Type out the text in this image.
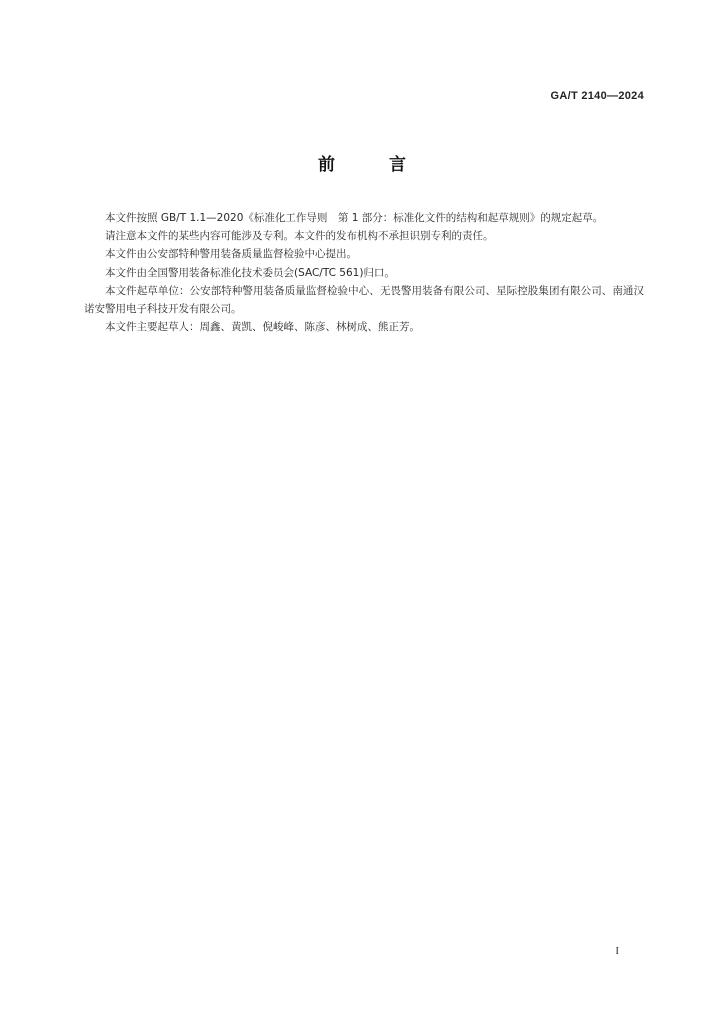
GA/T 2140—2024
前 言

本文件按照 GB/T 1.1—2020《标准化工作导则　第 1 部分：标准化文件的结构和起草规则》的规定起草。

请注意本文件的某些内容可能涉及专利。本文件的发布机构不承担识别专利的责任。

本文件由公安部特种警用装备质量监督检验中心提出。

本文件由全国警用装备标准化技术委员会(SAC/TC 561)归口。

本文件起草单位：公安部特种警用装备质量监督检验中心、无畏警用装备有限公司、星际控股集团有限公司、南通汉诺安警用电子科技开发有限公司。

本文件主要起草人：周鑫、黄凯、倪峻峰、陈彦、林树成、熊正芳。

I
